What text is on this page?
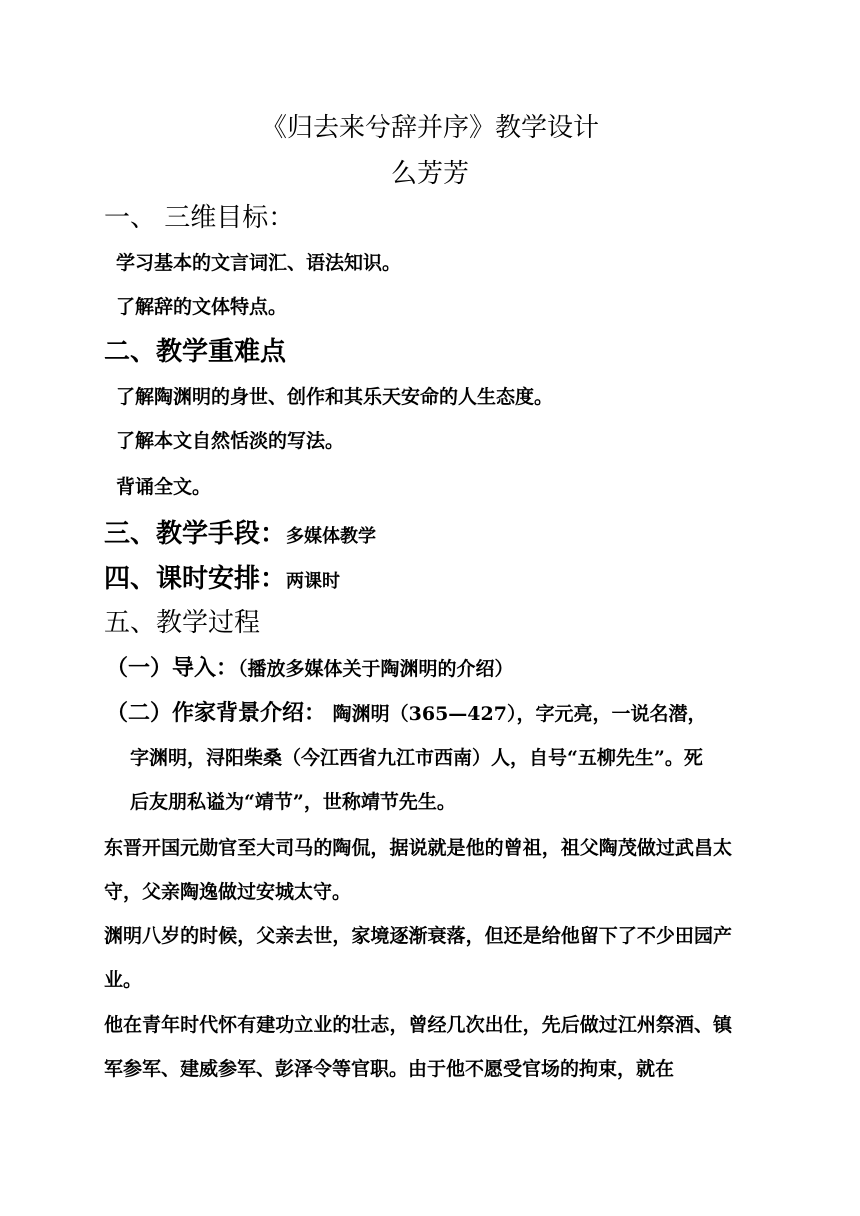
《归去来兮辞并序》教学设计
么芳芳
一、 三维目标：
学习基本的文言词汇、语法知识。
了解辞的文体特点。
二、教学重难点
了解陶渊明的身世、创作和其乐天安命的人生态度。
了解本文自然恬淡的写法。
背诵全文。
三、教学手段：多媒体教学
四、课时安排：两课时
五、教学过程
（一）导入：（播放多媒体关于陶渊明的介绍）
（二）作家背景介绍： 陶渊明（365—427），字元亮，一说名潜，
字渊明，浔阳柴桑（今江西省九江市西南）人，自号“五柳先生”。死
后友朋私谥为“靖节”，世称靖节先生。
东晋开国元勋官至大司马的陶侃，据说就是他的曾祖，祖父陶茂做过武昌太守，父亲陶逸做过安城太守。
渊明八岁的时候，父亲去世，家境逐渐衰落，但还是给他留下了不少田园产业。
他在青年时代怀有建功立业的壮志，曾经几次出仕，先后做过江州祭酒、镇军参军、建威参军、彭泽令等官职。由于他不愿受官场的拘束，就在
